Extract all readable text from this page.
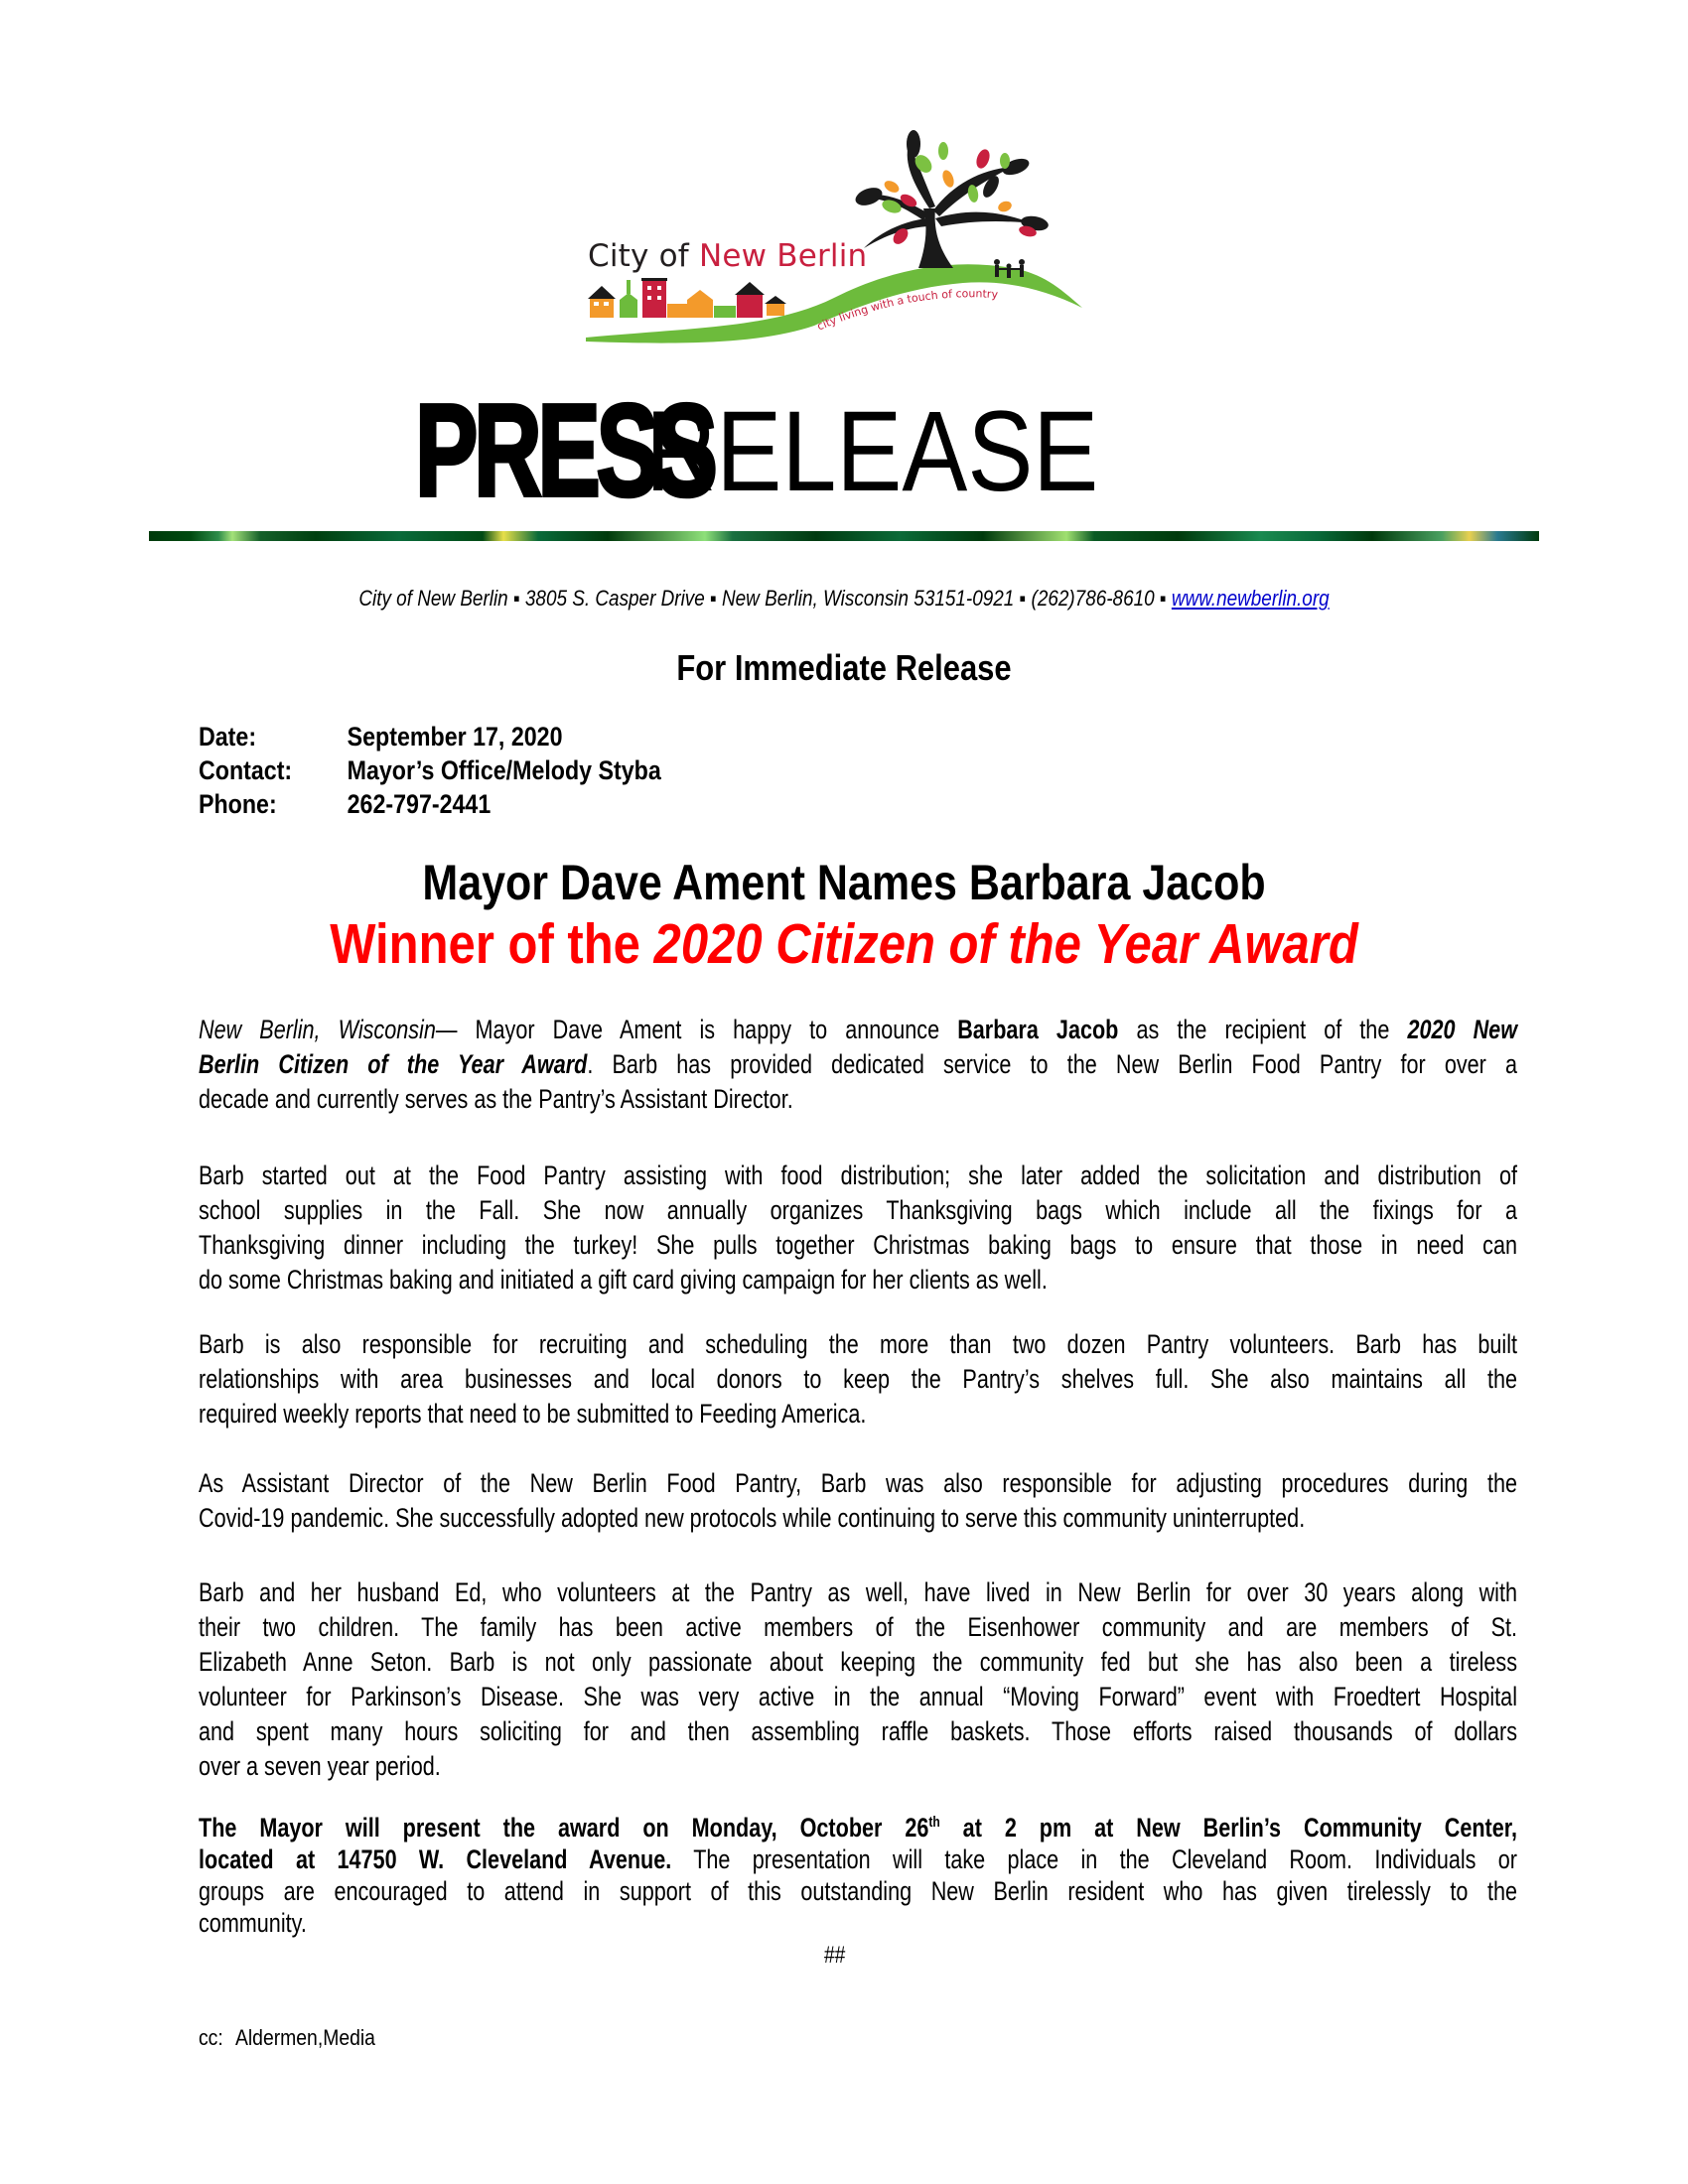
city living with a touch of country
City of New Berlin
PRESSRELEASE
City of New Berlin ▪ 3805 S. Casper Drive ▪ New Berlin, Wisconsin 53151-0921 ▪ (262)786-8610 ▪ www.newberlin.org
For Immediate Release
Date:	September 17, 2020
Contact: Mayor’s Office/Melody Styba
Phone:	262-797-2441
Mayor Dave Ament Names Barbara Jacob
Winner of the 2020 Citizen of the Year Award
New Berlin, Wisconsin— Mayor Dave Ament is happy to announce Barbara Jacob as the recipient of the 2020 New
Berlin Citizen of the Year Award. Barb has provided dedicated service to the New Berlin Food Pantry for over a
decade and currently serves as the Pantry’s Assistant Director.
Barb started out at the Food Pantry assisting with food distribution; she later added the solicitation and distribution of
school supplies in the Fall. She now annually organizes Thanksgiving bags which include all the fixings for a
Thanksgiving dinner including the turkey! She pulls together Christmas baking bags to ensure that those in need can
do some Christmas baking and initiated a gift card giving campaign for her clients as well.
Barb is also responsible for recruiting and scheduling the more than two dozen Pantry volunteers. Barb has built
relationships with area businesses and local donors to keep the Pantry’s shelves full. She also maintains all the
required weekly reports that need to be submitted to Feeding America.
As Assistant Director of the New Berlin Food Pantry, Barb was also responsible for adjusting procedures during the
Covid-19 pandemic. She successfully adopted new protocols while continuing to serve this community uninterrupted.
Barb and her husband Ed, who volunteers at the Pantry as well, have lived in New Berlin for over 30 years along with
their two children. The family has been active members of the Eisenhower community and are members of St.
Elizabeth Anne Seton. Barb is not only passionate about keeping the community fed but she has also been a tireless
volunteer for Parkinson’s Disease. She was very active in the annual “Moving Forward” event with Froedtert Hospital
and spent many hours soliciting for and then assembling raffle baskets. Those efforts raised thousands of dollars
over a seven year period.
The Mayor will present the award on Monday, October 26th at 2 pm at New Berlin’s Community Center,
located at 14750 W. Cleveland Avenue. The presentation will take place in the Cleveland Room. Individuals or
groups are encouraged to attend in support of this outstanding New Berlin resident who has given tirelessly to the
community.
##
cc: Aldermen,Media
